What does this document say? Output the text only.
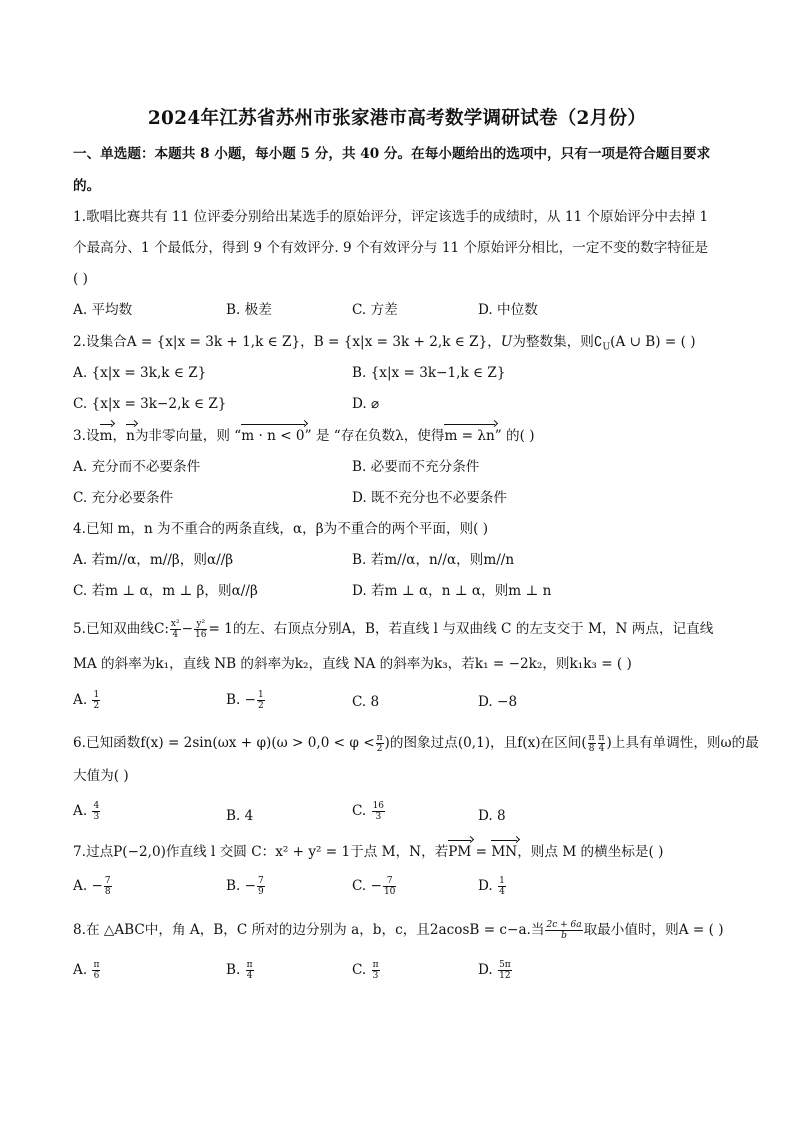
2024年江苏省苏州市张家港市高考数学调研试卷（2月份）
一、单选题：本题共 8 小题，每小题 5 分，共 40 分。在每小题给出的选项中，只有一项是符合题目要求
的。
1.歌唱比赛共有 11 位评委分别给出某选手的原始评分，评定该选手的成绩时，从 11 个原始评分中去掉 1
个最高分、1 个最低分，得到 9 个有效评分. 9 个有效评分与 11 个原始评分相比，一定不变的数字特征是
( )
A. 平均数	B. 极差	C. 方差	D. 中位数
2.设集合A = {x|x = 3k + 1,k ∈ Z}，B = {x|x = 3k + 2,k ∈ Z}，U为整数集，则$∁_U(A$ ∪ B) = ( )
A. {x|x = 3k,k ∈ Z}	B. {x|x = 3k−1,k ∈ Z}
C. {x|x = 3k−2,k ∈ Z}	D. ⌀
3.设m，n为非零向量，则 “m · n < 0” 是 “存在负数λ，使得m = λn” 的( )
A. 充分而不必要条件	B. 必要而不充分条件
C. 充分必要条件	D. 既不充分也不必要条件
4.已知 m，n 为不重合的两条直线，α，β为不重合的两个平面，则( )
A. 若m//α，m//β，则α//β	B. 若m//α，n//α，则m//n
C. 若m ⊥ α，m ⊥ β，则α//β	D. 若m ⊥ α，n ⊥ α，则m ⊥ n
5.已知双曲线C: $\frac{\text{x²}}{4} - \frac{\text{y²}}{16} = 1$的左、右顶点分别A，B，若直线 l 与双曲线 C 的左支交于 M，N 两点，记直线
MA 的斜率为k₁，直线 NB 的斜率为k₂，直线 NA 的斜率为k₃，若k₁ = −2k₂，则k₁k₃ = ( )
A. $\frac{1}{2}$	B. − $\frac{1}{2}$	C. 8	D. −8
6.已知函数$f(x) = 2\sin(\omega x + \varphi)(\omega > 0,0 < \varphi < \frac{\pi}{2}$ )的图象过点(0,1)，且f(x)在区间( $\frac{\pi}{8} \frac{\pi}{4}$ )上具有单调性，则ω的最
大值为( )
A. $\frac{4}{3}$	B. 4	C. $\frac{16}{3}$	D. 8
7.过点P(−2,0)作直线 l 交圆 C：x² + y² = 1于点 M，N，若PM = MN，则点 M 的横坐标是( )
A. − $\frac{7}{8}$	B. − $\frac{7}{9}$	C. − $\frac{7}{10}$	D. $\frac{1}{4}$
8.在 △ABC中，角 A，B，C 所对的边分别为 a，b，c，且2acosB = c−a.当 $\frac{2c + 6a}{b}$ 取最小值时，则A = ( )
A. $\frac{\pi}{6}$	B. $\frac{\pi}{4}$	C. $\frac{\pi}{3}$	D. $\frac{5\pi}{12}$
